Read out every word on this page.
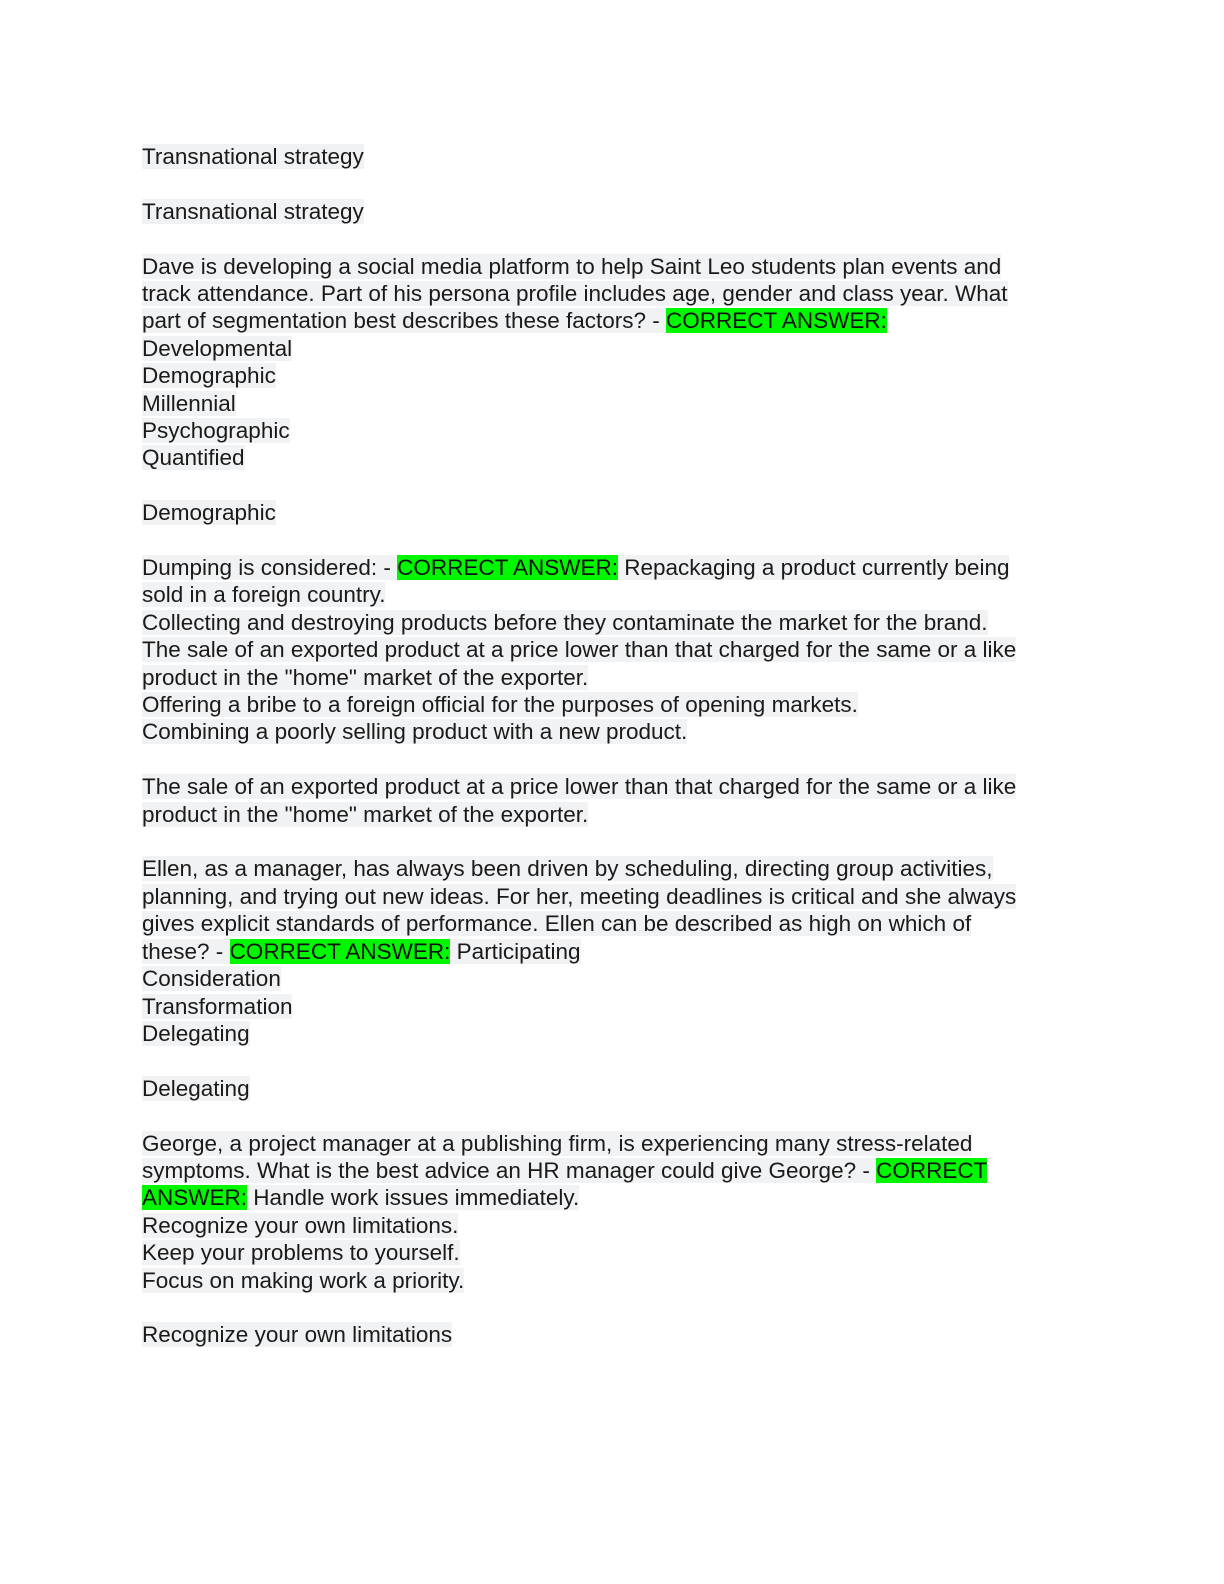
Transnational strategy
Transnational strategy
Dave is developing a social media platform to help Saint Leo students plan events and
track attendance. Part of his persona profile includes age, gender and class year. What
part of segmentation best describes these factors? - CORRECT ANSWER:
Developmental
Demographic
Millennial
Psychographic
Quantified
Demographic
Dumping is considered: - CORRECT ANSWER: Repackaging a product currently being
sold in a foreign country.
Collecting and destroying products before they contaminate the market for the brand.
The sale of an exported product at a price lower than that charged for the same or a like
product in the "home" market of the exporter.
Offering a bribe to a foreign official for the purposes of opening markets.
Combining a poorly selling product with a new product.
The sale of an exported product at a price lower than that charged for the same or a like
product in the "home" market of the exporter.
Ellen, as a manager, has always been driven by scheduling, directing group activities,
planning, and trying out new ideas. For her, meeting deadlines is critical and she always
gives explicit standards of performance. Ellen can be described as high on which of
these? - CORRECT ANSWER: Participating
Consideration
Transformation
Delegating
Delegating
George, a project manager at a publishing firm, is experiencing many stress-related
symptoms. What is the best advice an HR manager could give George? - CORRECT
ANSWER: Handle work issues immediately.
Recognize your own limitations.
Keep your problems to yourself.
Focus on making work a priority.
Recognize your own limitations
